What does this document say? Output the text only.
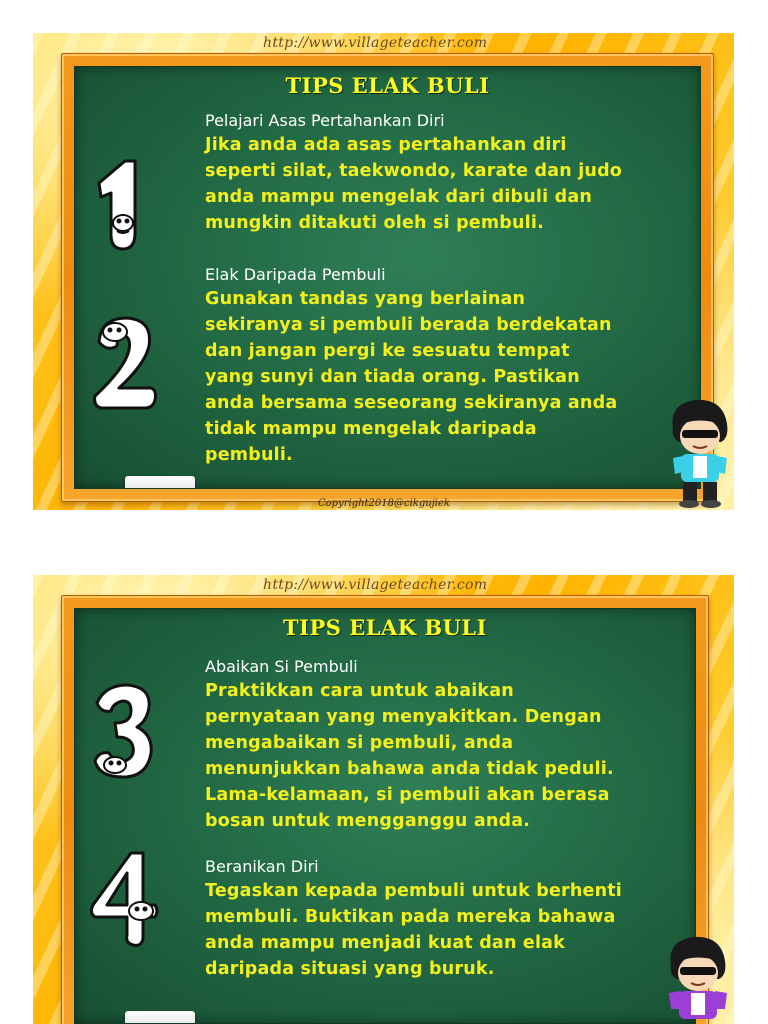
http://www.villageteacher.com
TIPS ELAK BULI
Pelajari Asas Pertahankan Diri
Jika anda ada asas pertahankan diri
seperti silat, taekwondo, karate dan judo
anda mampu mengelak dari dibuli dan
mungkin ditakuti oleh si pembuli.
Elak Daripada Pembuli
Gunakan tandas yang berlainan
sekiranya si pembuli berada berdekatan
dan jangan pergi ke sesuatu tempat
yang sunyi dan tiada orang. Pastikan
anda bersama seseorang sekiranya anda
tidak mampu mengelak daripada
pembuli.
Copyright2018@cikgujiek
http://www.villageteacher.com
TIPS ELAK BULI
Abaikan Si Pembuli
Praktikkan cara untuk abaikan
pernyataan yang menyakitkan. Dengan
mengabaikan si pembuli, anda
menunjukkan bahawa anda tidak peduli.
Lama-kelamaan, si pembuli akan berasa
bosan untuk mengganggu anda.
Beranikan Diri
Tegaskan kepada pembuli untuk berhenti
membuli. Buktikan pada mereka bahawa
anda mampu menjadi kuat dan elak
daripada situasi yang buruk.
